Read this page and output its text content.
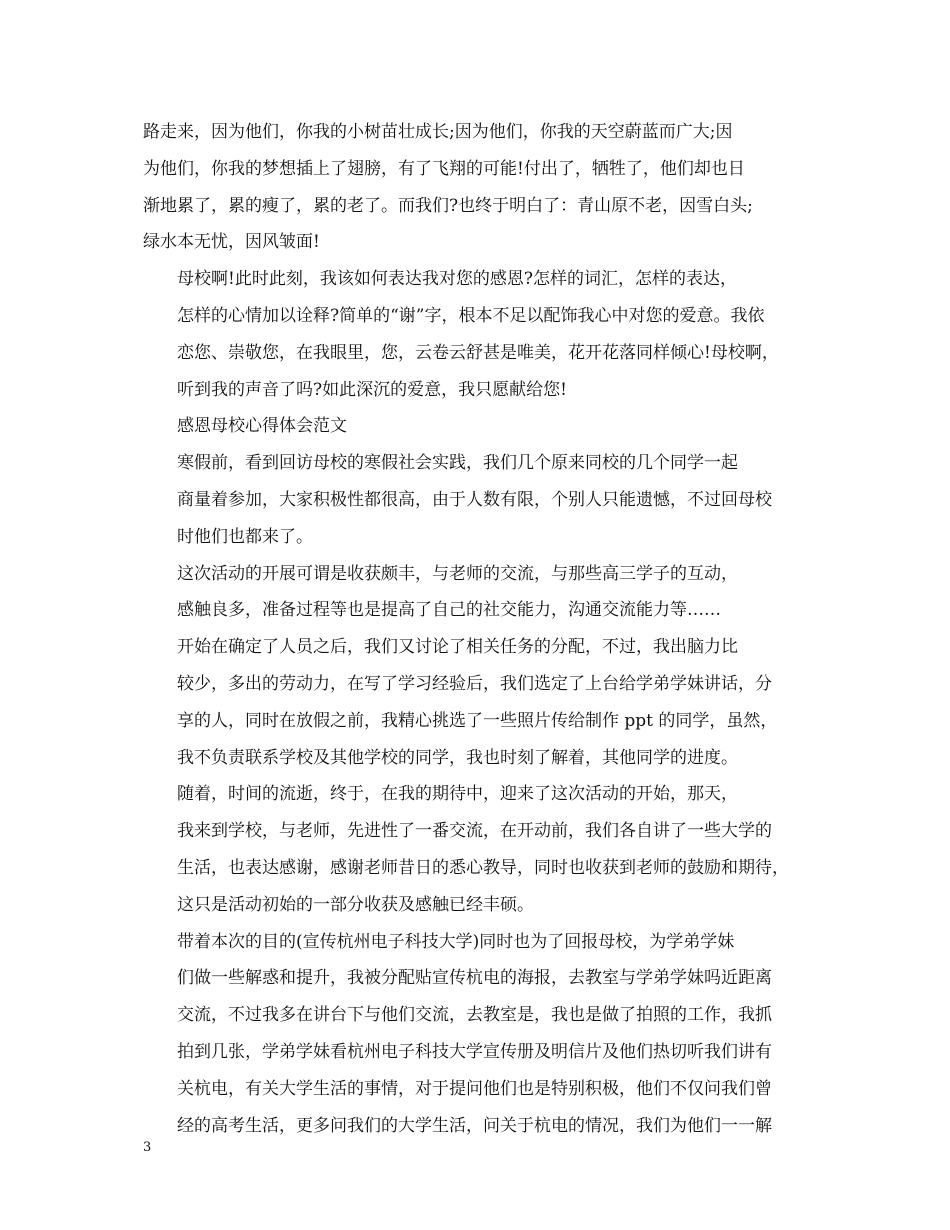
路走来，因为他们，你我的小树苗壮成长;因为他们，你我的天空蔚蓝而广大;因
为他们，你我的梦想插上了翅膀，有了飞翔的可能!付出了，牺牲了，他们却也日
渐地累了，累的瘦了，累的老了。而我们?也终于明白了：青山原不老，因雪白头;
绿水本无忧，因风皱面!

母校啊!此时此刻，我该如何表达我对您的感恩?怎样的词汇，怎样的表达，
怎样的心情加以诠释?简单的“谢”字，根本不足以配饰我心中对您的爱意。我依
恋您、崇敬您，在我眼里，您，云卷云舒甚是唯美，花开花落同样倾心!母校啊，
听到我的声音了吗?如此深沉的爱意，我只愿献给您!

感恩母校心得体会范文

寒假前，看到回访母校的寒假社会实践，我们几个原来同校的几个同学一起
商量着参加，大家积极性都很高，由于人数有限，个别人只能遗憾，不过回母校
时他们也都来了。

这次活动的开展可谓是收获颇丰，与老师的交流，与那些高三学子的互动，
感触良多，准备过程等也是提高了自己的社交能力，沟通交流能力等……

开始在确定了人员之后，我们又讨论了相关任务的分配，不过，我出脑力比
较少，多出的劳动力，在写了学习经验后，我们选定了上台给学弟学妹讲话，分
享的人，同时在放假之前，我精心挑选了一些照片传给制作 ppt 的同学，虽然，
我不负责联系学校及其他学校的同学，我也时刻了解着，其他同学的进度。

随着，时间的流逝，终于，在我的期待中，迎来了这次活动的开始，那天，
我来到学校，与老师，先进性了一番交流，在开动前，我们各自讲了一些大学的
生活，也表达感谢，感谢老师昔日的悉心教导，同时也收获到老师的鼓励和期待，
这只是活动初始的一部分收获及感触已经丰硕。

带着本次的目的(宣传杭州电子科技大学)同时也为了回报母校，为学弟学妹
们做一些解惑和提升，我被分配贴宣传杭电的海报，去教室与学弟学妹吗近距离
交流，不过我多在讲台下与他们交流，去教室是，我也是做了拍照的工作，我抓
拍到几张，学弟学妹看杭州电子科技大学宣传册及明信片及他们热切听我们讲有
关杭电，有关大学生活的事情，对于提问他们也是特别积极，他们不仅问我们曾
经的高考生活，更多问我们的大学生活，问关于杭电的情况，我们为他们一一解

3
